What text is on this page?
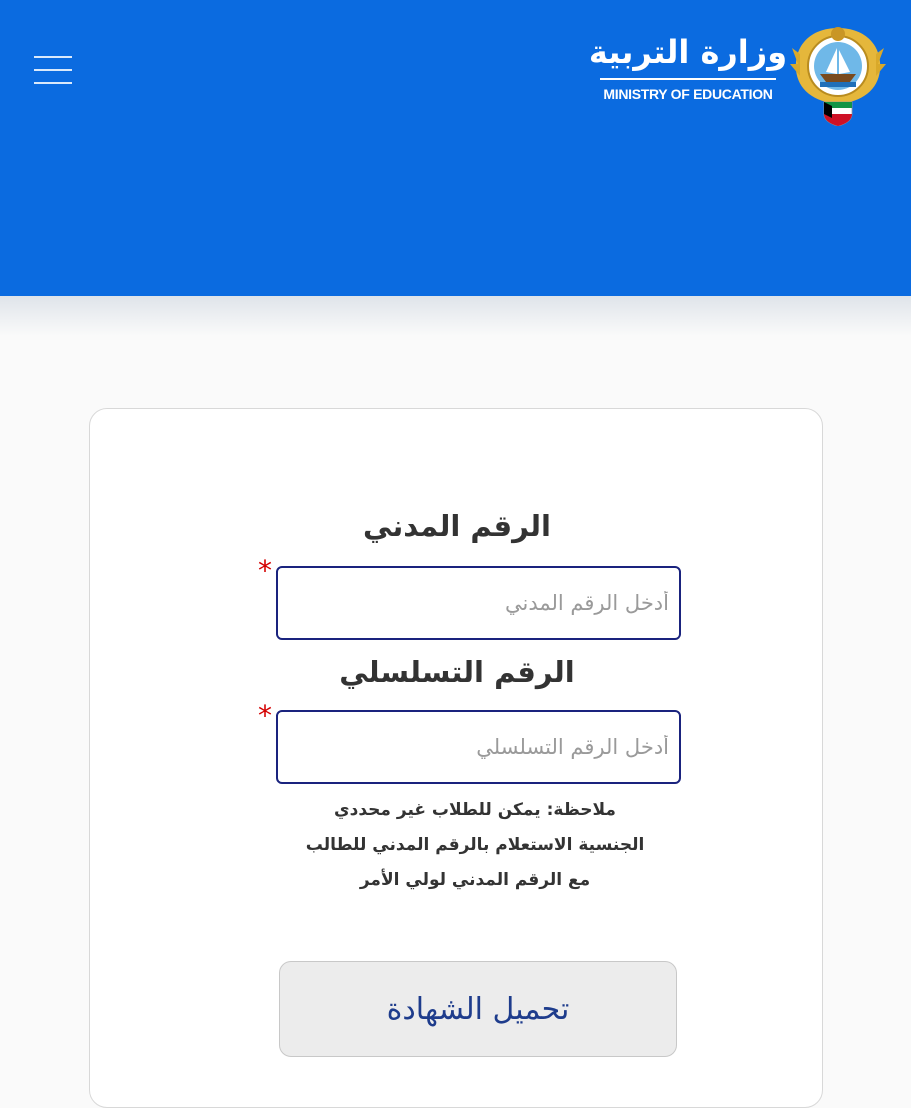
وزارة التربية
MINISTRY OF EDUCATION
الرقم المدني
*
أدخل الرقم المدني
الرقم التسلسلي
*
أدخل الرقم التسلسلي
ملاحظة: يمكن للطلاب غير محددي
الجنسية الاستعلام بالرقم المدني للطالب
مع الرقم المدني لولي الأمر
تحميل الشهادة
